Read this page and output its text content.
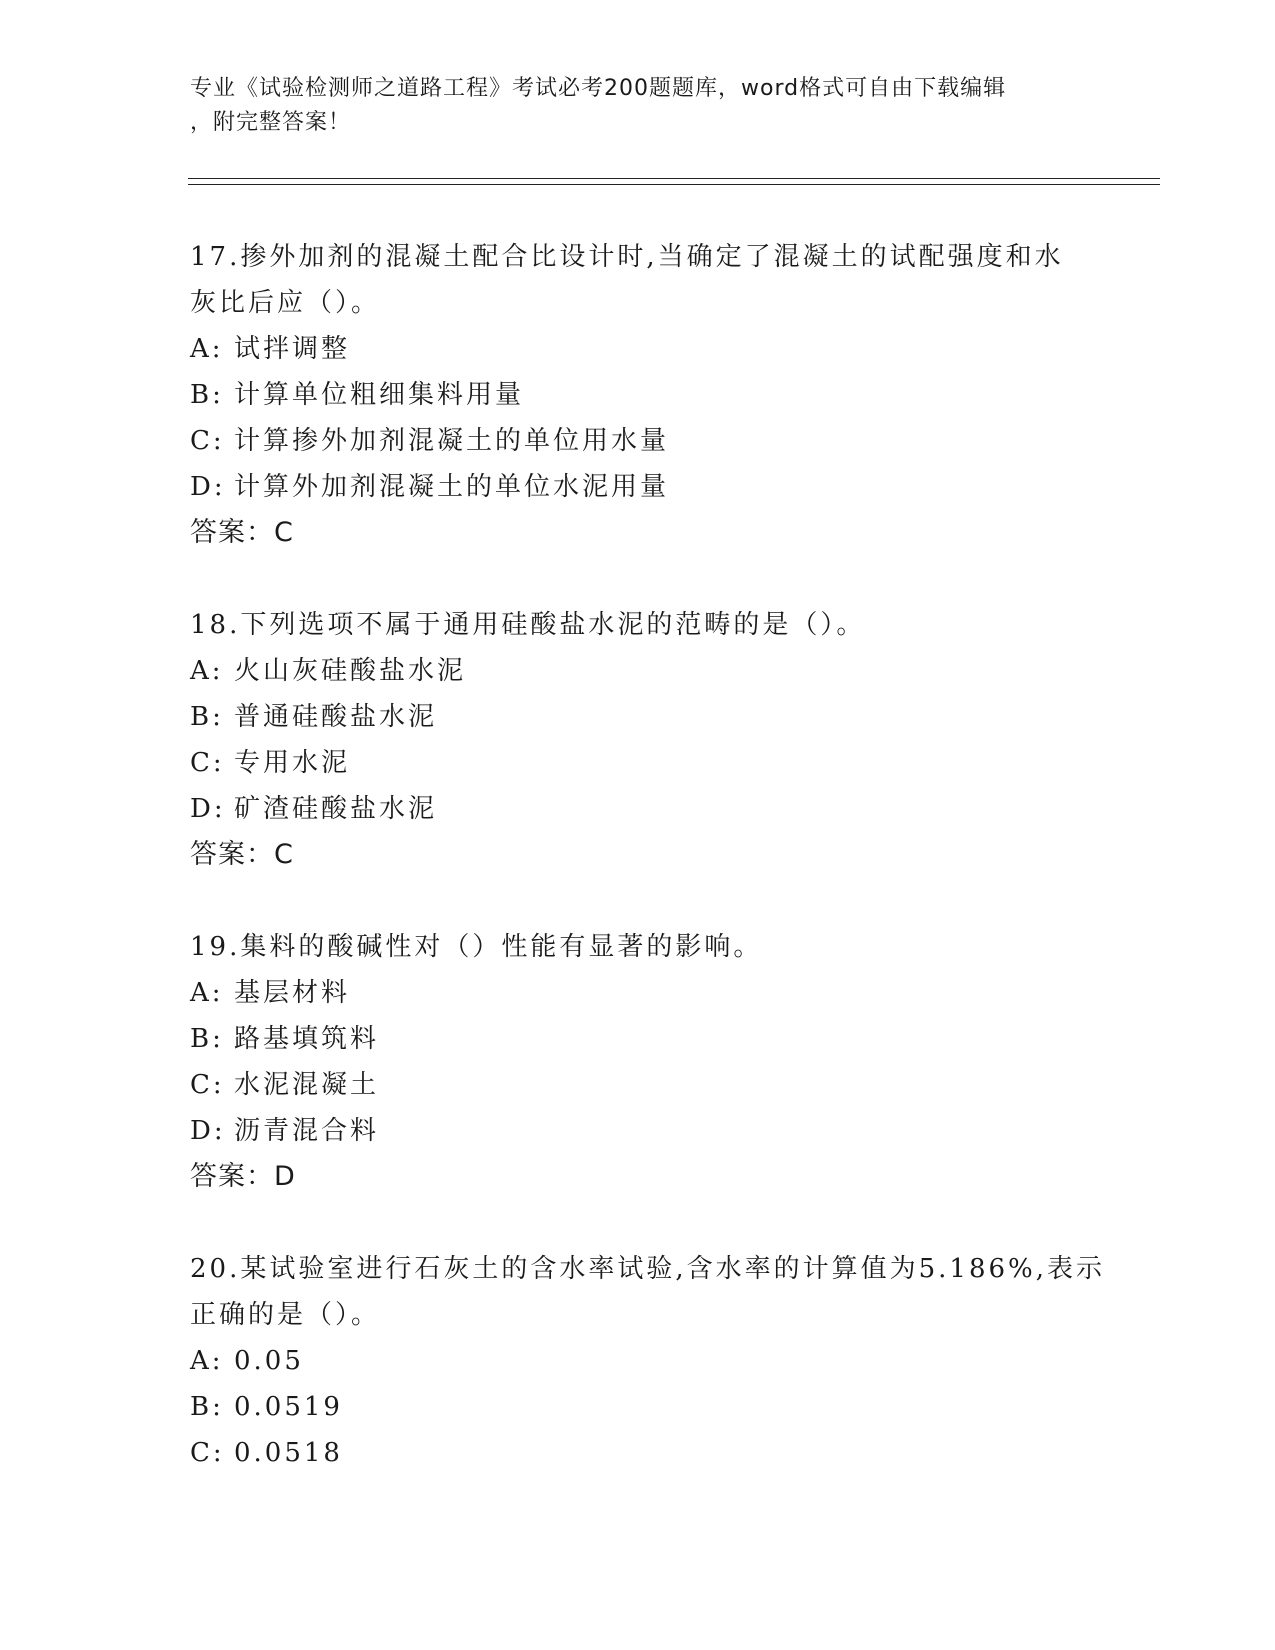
专业《试验检测师之道路工程》考试必考200题题库，word格式可自由下载编辑
，附完整答案！

17.掺外加剂的混凝土配合比设计时,当确定了混凝土的试配强度和水

灰比后应（）。

A: 试拌调整

B: 计算单位粗细集料用量

C: 计算掺外加剂混凝土的单位用水量

D: 计算外加剂混凝土的单位水泥用量

答案：C

18.下列选项不属于通用硅酸盐水泥的范畴的是（）。

A: 火山灰硅酸盐水泥

B: 普通硅酸盐水泥

C: 专用水泥

D: 矿渣硅酸盐水泥

答案：C

19.集料的酸碱性对（）性能有显著的影响。

A: 基层材料

B: 路基填筑料

C: 水泥混凝土

D: 沥青混合料

答案：D

20.某试验室进行石灰土的含水率试验,含水率的计算值为5.186%,表示

正确的是（）。

A: 0.05

B: 0.0519

C: 0.0518
